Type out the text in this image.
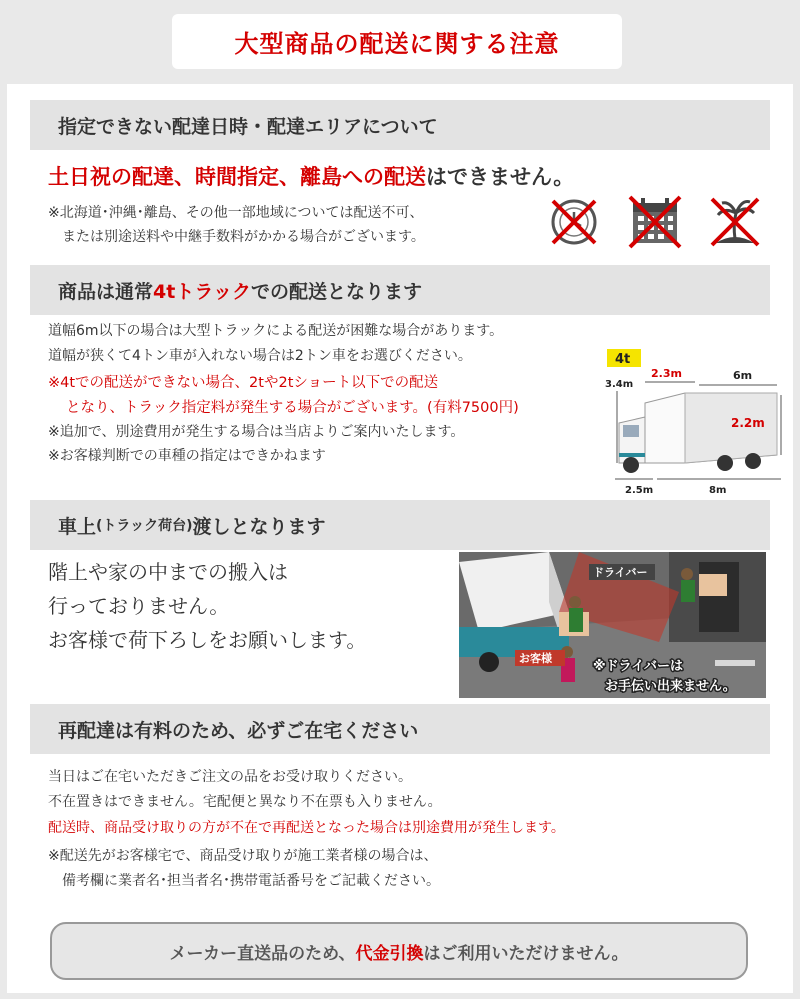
大型商品の配送に関する注意
指定できない配達日時・配達エリアについて
土日祝の配達、時間指定、離島への配送はできません。
※北海道･沖縄･離島、その他一部地域については配送不可、
または別途送料や中継手数料がかかる場合がございます。
商品は通常 4tトラック での配送となります
道幅6m以下の場合は大型トラックによる配送が困難な場合があります。
道幅が狭くて4トン車が入れない場合は2トン車をお選びください。
※4tでの配送ができない場合、2tや2tショート以下での配送
となり、トラック指定料が発生する場合がございます。(有料7500円)
※追加で、別途費用が発生する場合は当店よりご案内いたします。
※お客様判断での車種の指定はできかねます
4t
3.4m
2.3m	6m
2.2m
2.5m	8m
車上 (トラック荷台) 渡しとなります
階上や家の中までの搬入は
行っておりません。
お客様で荷下ろしをお願いします。
ドライバー
お客様
※ドライバーは
お手伝い出来ません。
再配達は有料のため、必ずご在宅ください
当日はご在宅いただきご注文の品をお受け取りください。
不在置きはできません。宅配便と異なり不在票も入りません。
配送時、商品受け取りの方が不在で再配送となった場合は別途費用が発生します。
※配送先がお客様宅で、商品受け取りが施工業者様の場合は、
備考欄に業者名･担当者名･携帯電話番号をご記載ください。
メーカー直送品のため、 代金引換 はご利用いただけません。
